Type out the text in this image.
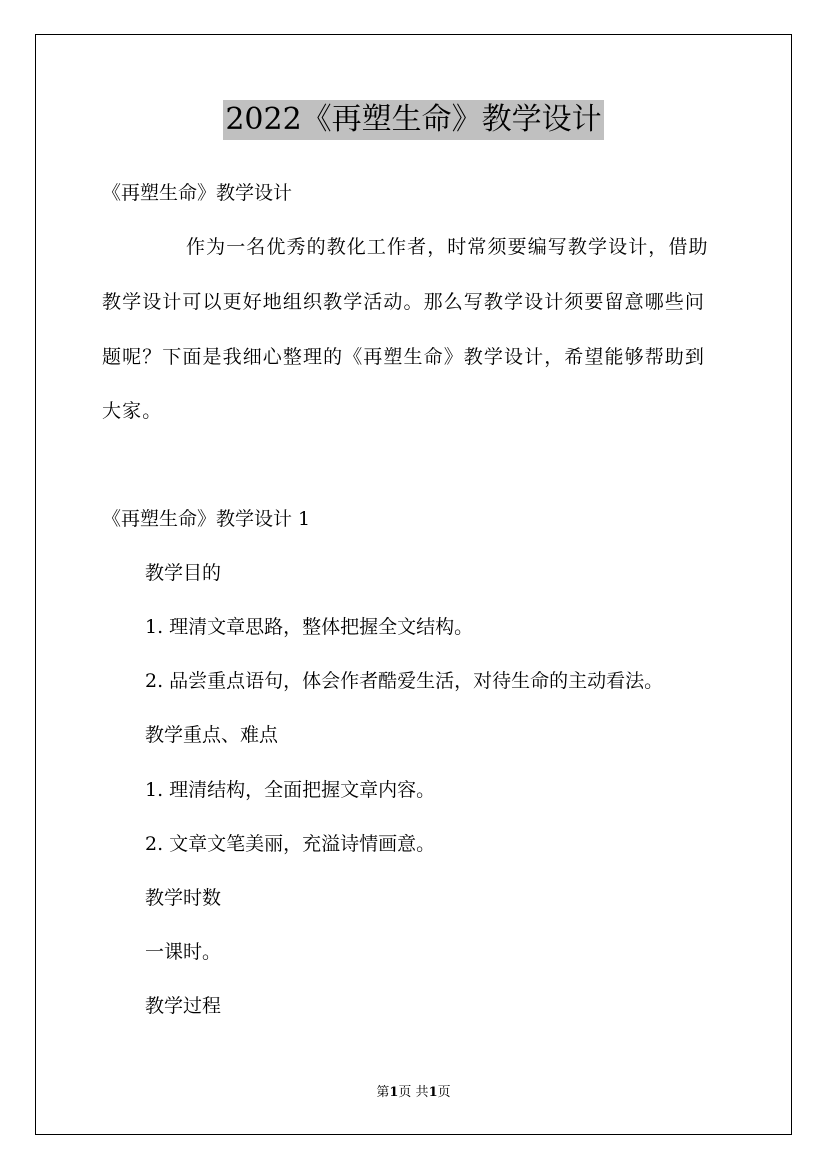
2022《再塑生命》教学设计
《再塑生命》教学设计
作为一名优秀的教化工作者，时常须要编写教学设计，借助
教学设计可以更好地组织教学活动。那么写教学设计须要留意哪些问
题呢？下面是我细心整理的《再塑生命》教学设计，希望能够帮助到
大家。
《再塑生命》教学设计 1
教学目的
1. 理清文章思路，整体把握全文结构。
2. 品尝重点语句，体会作者酷爱生活，对待生命的主动看法。
教学重点、难点
1. 理清结构，全面把握文章内容。
2. 文章文笔美丽，充溢诗情画意。
教学时数
一课时。
教学过程
第1页 共1页
